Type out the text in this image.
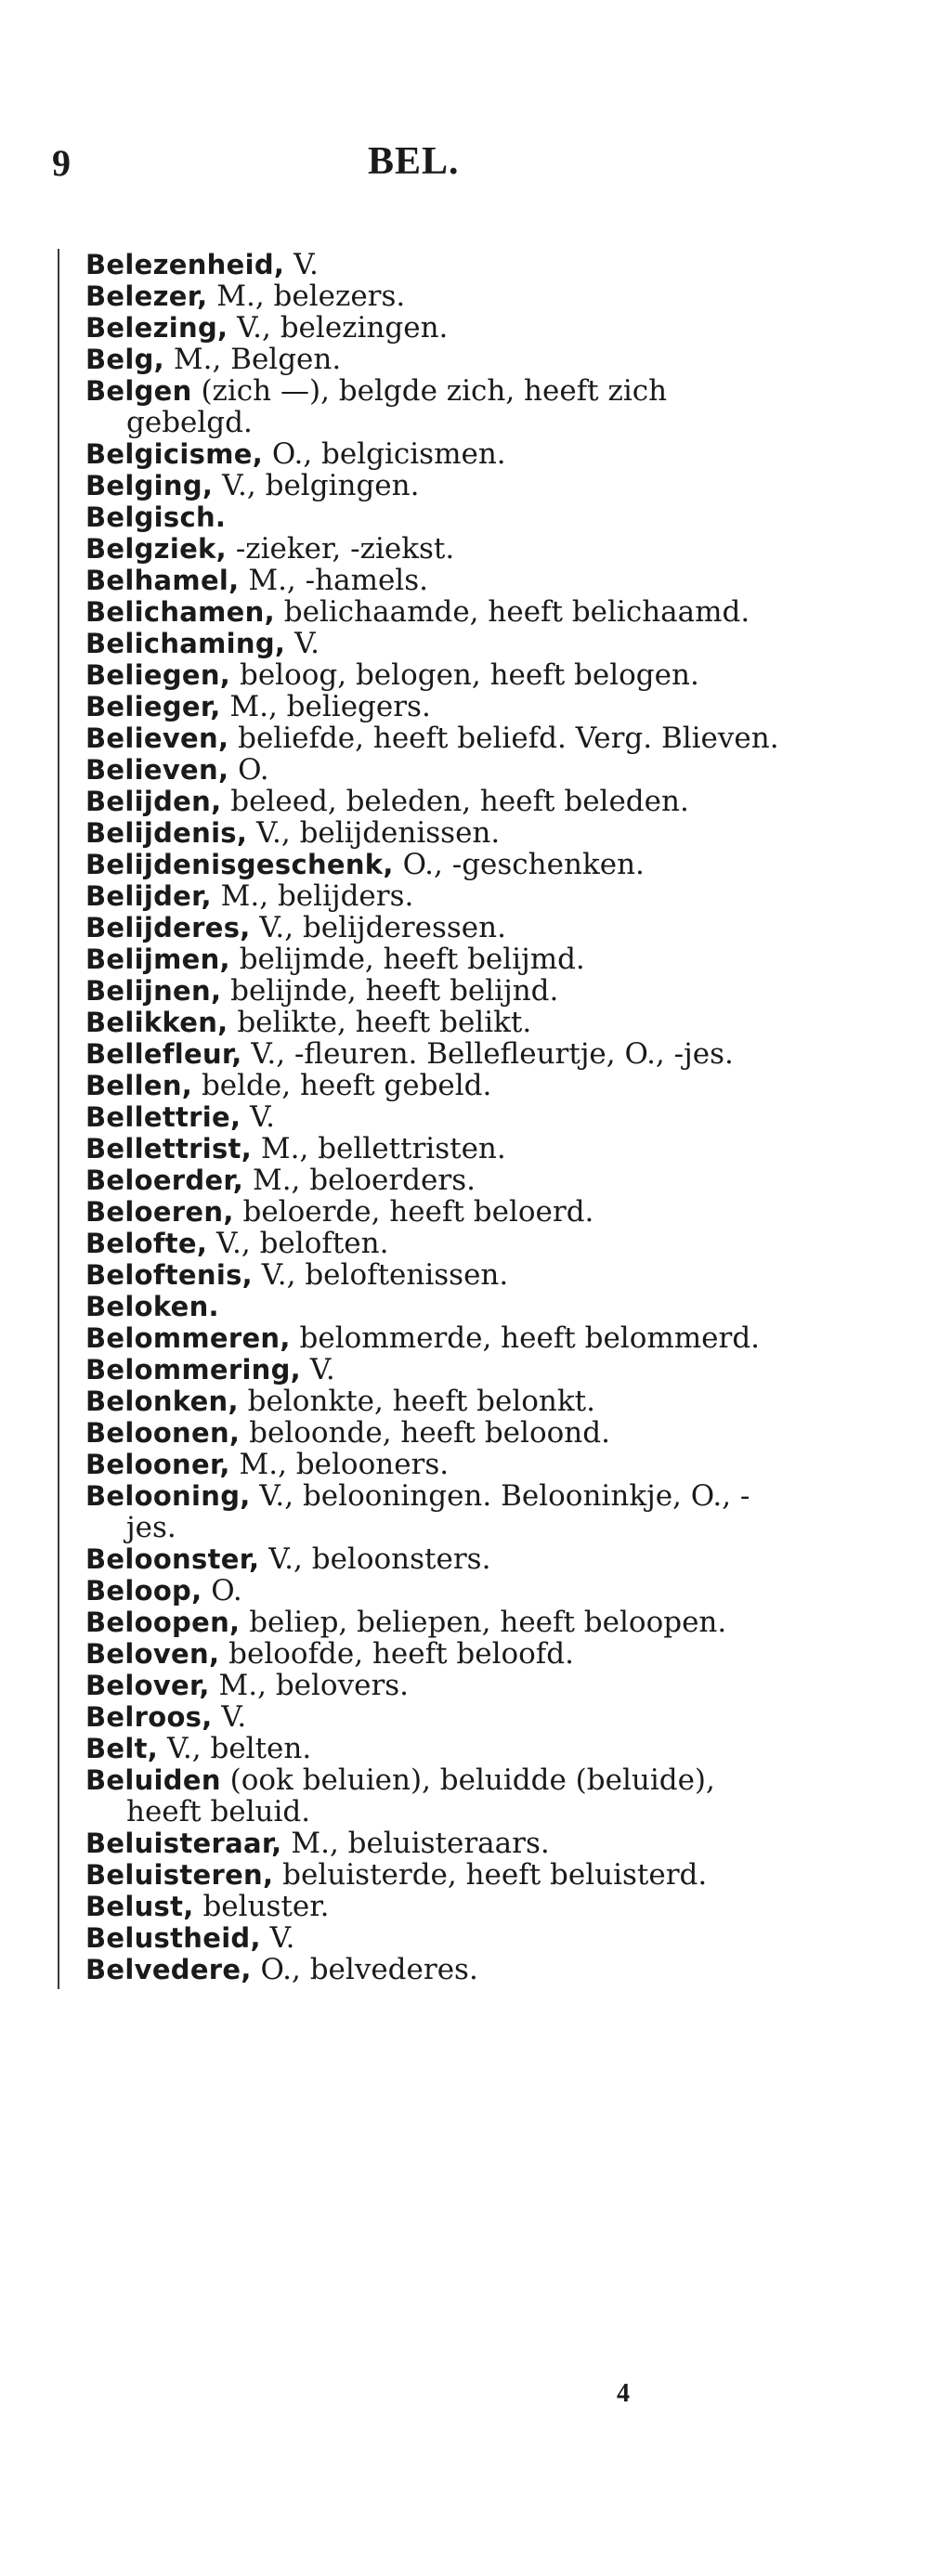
9	BEL.
Belezenheid, V.
Belezer, M., belezers.
Belezing, V., belezingen.
Belg, M., Belgen.
Belgen (zich —), belgde zich, heeft zich gebelgd.
Belgicisme, O., belgicismen.
Belging, V., belgingen.
Belgisch.
Belgziek, -zieker, -ziekst.
Belhamel, M., -hamels.
Belichamen, belichaamde, heeft belichaamd.
Belichaming, V.
Beliegen, beloog, belogen, heeft belogen.
Belieger, M., beliegers.
Believen, beliefde, heeft beliefd. Verg. Blieven.
Believen, O.
Belijden, beleed, beleden, heeft beleden.
Belijdenis, V., belijdenissen.
Belijdenisgeschenk, O., -geschenken.
Belijder, M., belijders.
Belijderes, V., belijderessen.
Belijmen, belijmde, heeft belijmd.
Belijnen, belijnde, heeft belijnd.
Belikken, belikte, heeft belikt.
Bellefleur, V., -fleuren. Bellefleurtje, O., -jes.
Bellen, belde, heeft gebeld.
Bellettrie, V.
Bellettrist, M., bellettristen.
Beloerder, M., beloerders.
Beloeren, beloerde, heeft beloerd.
Belofte, V., beloften.
Beloftenis, V., beloftenissen.
Beloken.
Belommeren, belommerde, heeft belommerd.
Belommering, V.
Belonken, belonkte, heeft belonkt.
Beloonen, beloonde, heeft beloond.
Belooner, M., belooners.
Belooning, V., belooningen. Belooninkje, O., -jes.
Beloonster, V., beloonsters.
Beloop, O.
Beloopen, beliep, beliepen, heeft beloopen.
Beloven, beloofde, heeft beloofd.
Belover, M., belovers.
Belroos, V.
Belt, V., belten.
Beluiden (ook beluien), beluidde (beluide), heeft beluid.
Beluisteraar, M., beluisteraars.
Beluisteren, beluisterde, heeft beluisterd.
Belust, beluster.
Belustheid, V.
Belvedere, O., belvederes.
4
